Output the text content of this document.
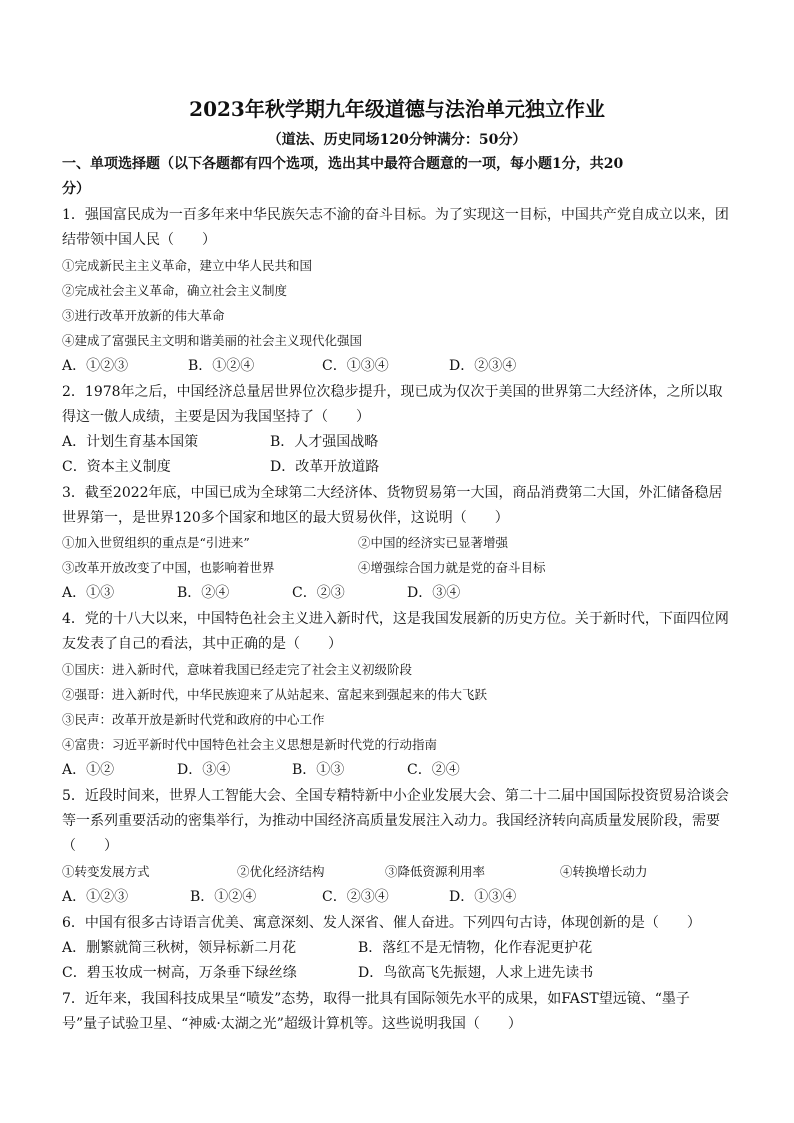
2023年秋学期九年级道德与法治单元独立作业
（道法、历史同场120分钟满分：50分）
一、单项选择题（以下各题都有四个选项，选出其中最符合题意的一项，每小题1分，共20
分）
1．强国富民成为一百多年来中华民族矢志不渝的奋斗目标。为了实现这一目标，中国共产党自成立以来，团
结带领中国人民（　　）
①完成新民主主义革命，建立中华人民共和国
②完成社会主义革命，确立社会主义制度
③进行改革开放新的伟大革命
④建成了富强民主文明和谐美丽的社会主义现代化强国
A．①②③	B．①②④	C．①③④	D．②③④
2．1978年之后，中国经济总量居世界位次稳步提升，现已成为仅次于美国的世界第二大经济体，之所以取
得这一傲人成绩，主要是因为我国坚持了（　　）
A．计划生育基本国策	B．人才强国战略
C．资本主义制度	D．改革开放道路
3．截至2022年底，中国已成为全球第二大经济体、货物贸易第一大国，商品消费第二大国，外汇储备稳居
世界第一，是世界120多个国家和地区的最大贸易伙伴，这说明（　　）
①加入世贸组织的重点是“引进来”	②中国的经济实已显著增强
③改革开放改变了中国，也影响着世界	④增强综合国力就是党的奋斗目标
A．①③	B．②④	C．②③	D．③④
4．党的十八大以来，中国特色社会主义进入新时代，这是我国发展新的历史方位。关于新时代，下面四位网
友发表了自己的看法，其中正确的是（　　）
①国庆：进入新时代，意味着我国已经走完了社会主义初级阶段
②强哥：进入新时代，中华民族迎来了从站起来、富起来到强起来的伟大飞跃
③民声：改革开放是新时代党和政府的中心工作
④富贵：习近平新时代中国特色社会主义思想是新时代党的行动指南
A．①②	D．③④	B．①③	C．②④
5．近段时间来，世界人工智能大会、全国专精特新中小企业发展大会、第二十二届中国国际投资贸易洽谈会
等一系列重要活动的密集举行，为推动中国经济高质量发展注入动力。我国经济转向高质量发展阶段，需要
（　　）
①转变发展方式	②优化经济结构	③降低资源利用率	④转换增长动力
A．①②③	B．①②④	C．②③④	D．①③④
6．中国有很多古诗语言优美、寓意深刻、发人深省、催人奋进。下列四句古诗，体现创新的是（　　）
A．删繁就简三秋树，领异标新二月花	B．落红不是无情物，化作春泥更护花
C．碧玉妆成一树高，万条垂下绿丝绦	D．鸟欲高飞先振翅，人求上进先读书
7．近年来，我国科技成果呈“喷发”态势，取得一批具有国际领先水平的成果，如FAST望远镜、“墨子
号”量子试验卫星、“神威·太湖之光”超级计算机等。这些说明我国（　　）
